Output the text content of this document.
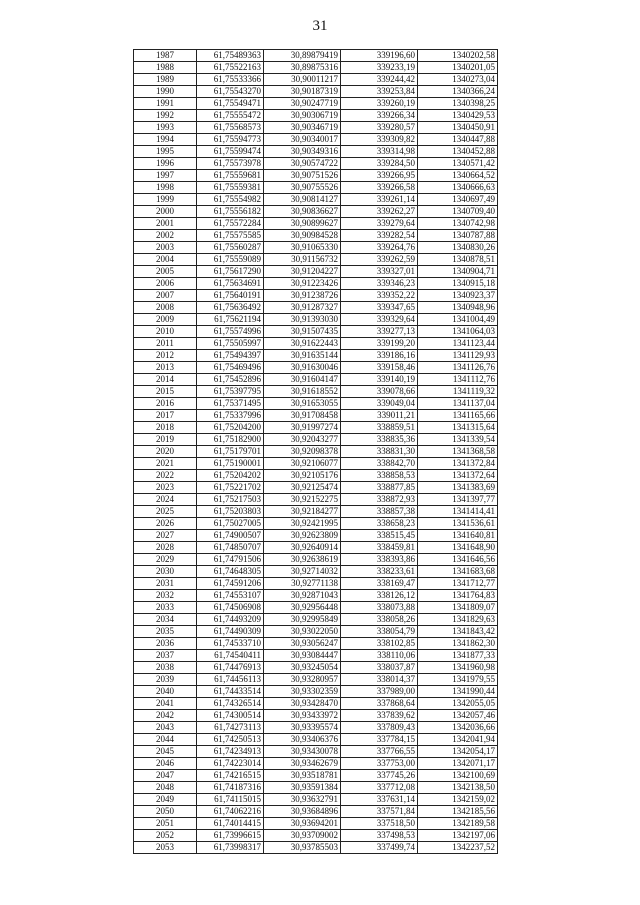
31
1987	61,75489363	30,89879419	339196,60	1340202,58
1988	61,75522163	30,89875316	339233,19	1340201,05
1989	61,75533366	30,90011217	339244,42	1340273,04
1990	61,75543270	30,90187319	339253,84	1340366,24
1991	61,75549471	30,90247719	339260,19	1340398,25
1992	61,75555472	30,90306719	339266,34	1340429,53
1993	61,75568573	30,90346719	339280,57	1340450,91
1994	61,75594773	30,90340017	339309,82	1340447,88
1995	61,75599474	30,90349316	339314,98	1340452,88
1996	61,75573978	30,90574722	339284,50	1340571,42
1997	61,75559681	30,90751526	339266,95	1340664,52
1998	61,75559381	30,90755526	339266,58	1340666,63
1999	61,75554982	30,90814127	339261,14	1340697,49
2000	61,75556182	30,90836627	339262,27	1340709,40
2001	61,75572284	30,90899627	339279,64	1340742,98
2002	61,75575585	30,90984528	339282,54	1340787,88
2003	61,75560287	30,91065330	339264,76	1340830,26
2004	61,75559089	30,91156732	339262,59	1340878,51
2005	61,75617290	30,91204227	339327,01	1340904,71
2006	61,75634691	30,91223426	339346,23	1340915,18
2007	61,75640191	30,91238726	339352,22	1340923,37
2008	61,75636492	30,91287327	339347,65	1340948,96
2009	61,75621194	30,91393030	339329,64	1341004,49
2010	61,75574996	30,91507435	339277,13	1341064,03
2011	61,75505997	30,91622443	339199,20	1341123,44
2012	61,75494397	30,91635144	339186,16	1341129,93
2013	61,75469496	30,91630046	339158,46	1341126,76
2014	61,75452896	30,91604147	339140,19	1341112,76
2015	61,75397795	30,91618552	339078,66	1341119,32
2016	61,75371495	30,91653055	339049,04	1341137,04
2017	61,75337996	30,91708458	339011,21	1341165,66
2018	61,75204200	30,91997274	338859,51	1341315,64
2019	61,75182900	30,92043277	338835,36	1341339,54
2020	61,75179701	30,92098378	338831,30	1341368,58
2021	61,75190001	30,92106077	338842,70	1341372,84
2022	61,75204202	30,92105176	338858,53	1341372,64
2023	61,75221702	30,92125474	338877,85	1341383,69
2024	61,75217503	30,92152275	338872,93	1341397,77
2025	61,75203803	30,92184277	338857,38	1341414,41
2026	61,75027005	30,92421995	338658,23	1341536,61
2027	61,74900507	30,92623809	338515,45	1341640,81
2028	61,74850707	30,92640914	338459,81	1341648,90
2029	61,74791506	30,92638619	338393,86	1341646,56
2030	61,74648305	30,92714032	338233,61	1341683,68
2031	61,74591206	30,92771138	338169,47	1341712,77
2032	61,74553107	30,92871043	338126,12	1341764,83
2033	61,74506908	30,92956448	338073,88	1341809,07
2034	61,74493209	30,92995849	338058,26	1341829,63
2035	61,74490309	30,93022050	338054,79	1341843,42
2036	61,74533710	30,93056247	338102,85	1341862,30
2037	61,74540411	30,93084447	338110,06	1341877,33
2038	61,74476913	30,93245054	338037,87	1341960,98
2039	61,74456113	30,93280957	338014,37	1341979,55
2040	61,74433514	30,93302359	337989,00	1341990,44
2041	61,74326514	30,93428470	337868,64	1342055,05
2042	61,74300514	30,93433972	337839,62	1342057,46
2043	61,74273113	30,93395574	337809,43	1342036,66
2044	61,74250513	30,93406376	337784,15	1342041,94
2045	61,74234913	30,93430078	337766,55	1342054,17
2046	61,74223014	30,93462679	337753,00	1342071,17
2047	61,74216515	30,93518781	337745,26	1342100,69
2048	61,74187316	30,93591384	337712,08	1342138,50
2049	61,74115015	30,93632791	337631,14	1342159,02
2050	61,74062216	30,93684896	337571,84	1342185,56
2051	61,74014415	30,93694201	337518,50	1342189,58
2052	61,73996615	30,93709002	337498,53	1342197,06
2053	61,73998317	30,93785503	337499,74	1342237,52
